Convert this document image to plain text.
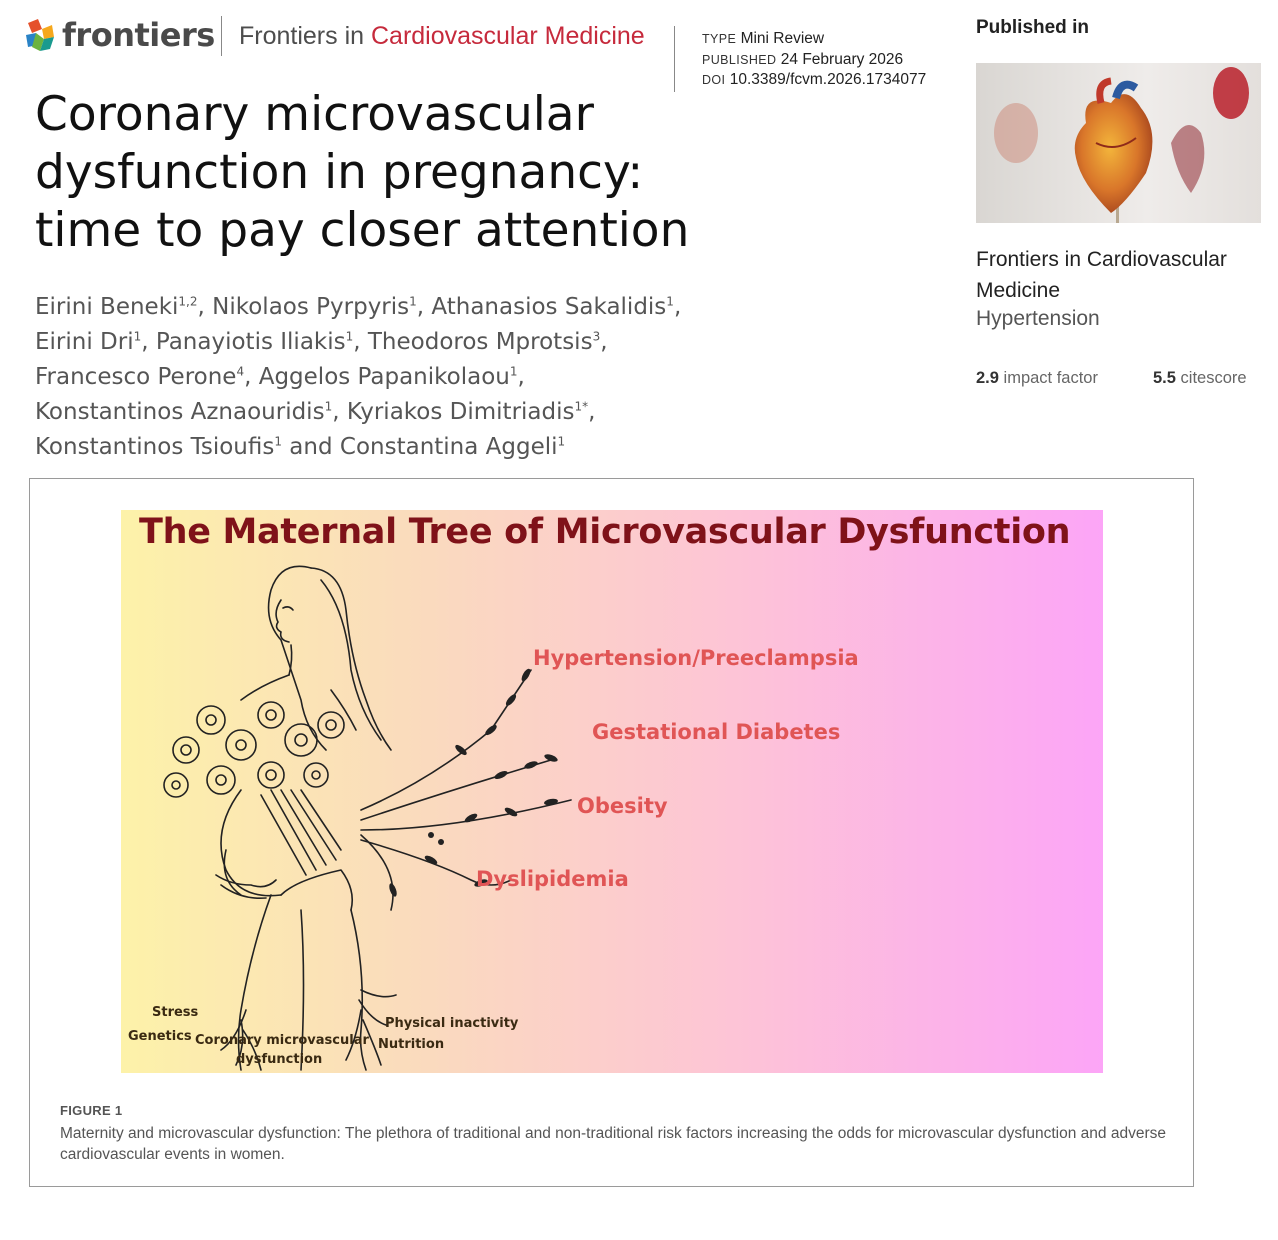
frontiers Frontiers in Cardiovascular Medicine	TYPE Mini Review
PUBLISHED 24 February 2026
DOI 10.3389/fcvm.2026.1734077
Coronary microvascular
dysfunction in pregnancy:
time to pay closer attention
Eirini Beneki$^{1,2}$, Nikolaos Pyrpyris$^1$, Athanasios Sakalidis$^1$,
Eirini Dri$^1$, Panayiotis Iliakis$^1$, Theodoros Mprotsis$^3$,
Francesco Perone$^4$, Aggelos Papanikolaou$^1$,
Konstantinos Aznaouridis$^1$, Kyriakos Dimitriadis$^{1*}$,
Konstantinos Tsioufis$^1$ and Constantina Aggeli$^1$
Published in
Frontiers in Cardiovascular Medicine
Hypertension
2.9 impact factor	5.5 citescore
The Maternal Tree of Microvascular Dysfunction
Hypertension/Preeclampsia
Gestational Diabetes
Obesity
Dyslipidemia
Stress
Genetics Coronary microvascular
dysfunction
Physical inactivity
Nutrition
FIGURE 1
Maternity and microvascular dysfunction: The plethora of traditional and non-traditional risk factors increasing the odds for microvascular dysfunction and adverse cardiovascular events in women.
